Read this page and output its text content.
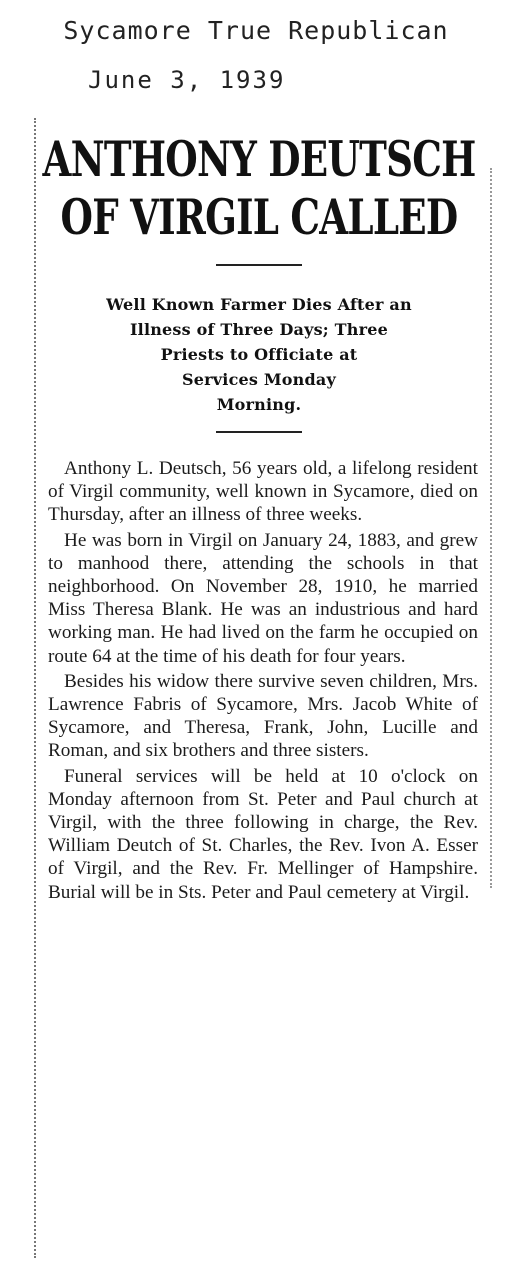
Sycamore True Republican
June 3, 1939
ANTHONY DEUTSCH
OF VIRGIL CALLED
Well Known Farmer Dies After an
Illness of Three Days; Three
Priests to Officiate at
Services Monday
Morning.

Anthony L. Deutsch, 56 years old, a lifelong resident of Virgil community, well known in Sycamore, died on Thursday, after an illness of three weeks.

He was born in Virgil on January 24, 1883, and grew to manhood there, attending the schools in that neighborhood. On November 28, 1910, he married Miss Theresa Blank. He was an industrious and hard working man. He had lived on the farm he occupied on route 64 at the time of his death for four years.

Besides his widow there survive seven children, Mrs. Lawrence Fabris of Sycamore, Mrs. Jacob White of Sycamore, and Theresa, Frank, John, Lucille and Roman, and six brothers and three sisters.

Funeral services will be held at 10 o'clock on Monday afternoon from St. Peter and Paul church at Virgil, with the three following in charge, the Rev. William Deutch of St. Charles, the Rev. Ivon A. Esser of Virgil, and the Rev. Fr. Mellinger of Hampshire. Burial will be in Sts. Peter and Paul cemetery at Virgil.
